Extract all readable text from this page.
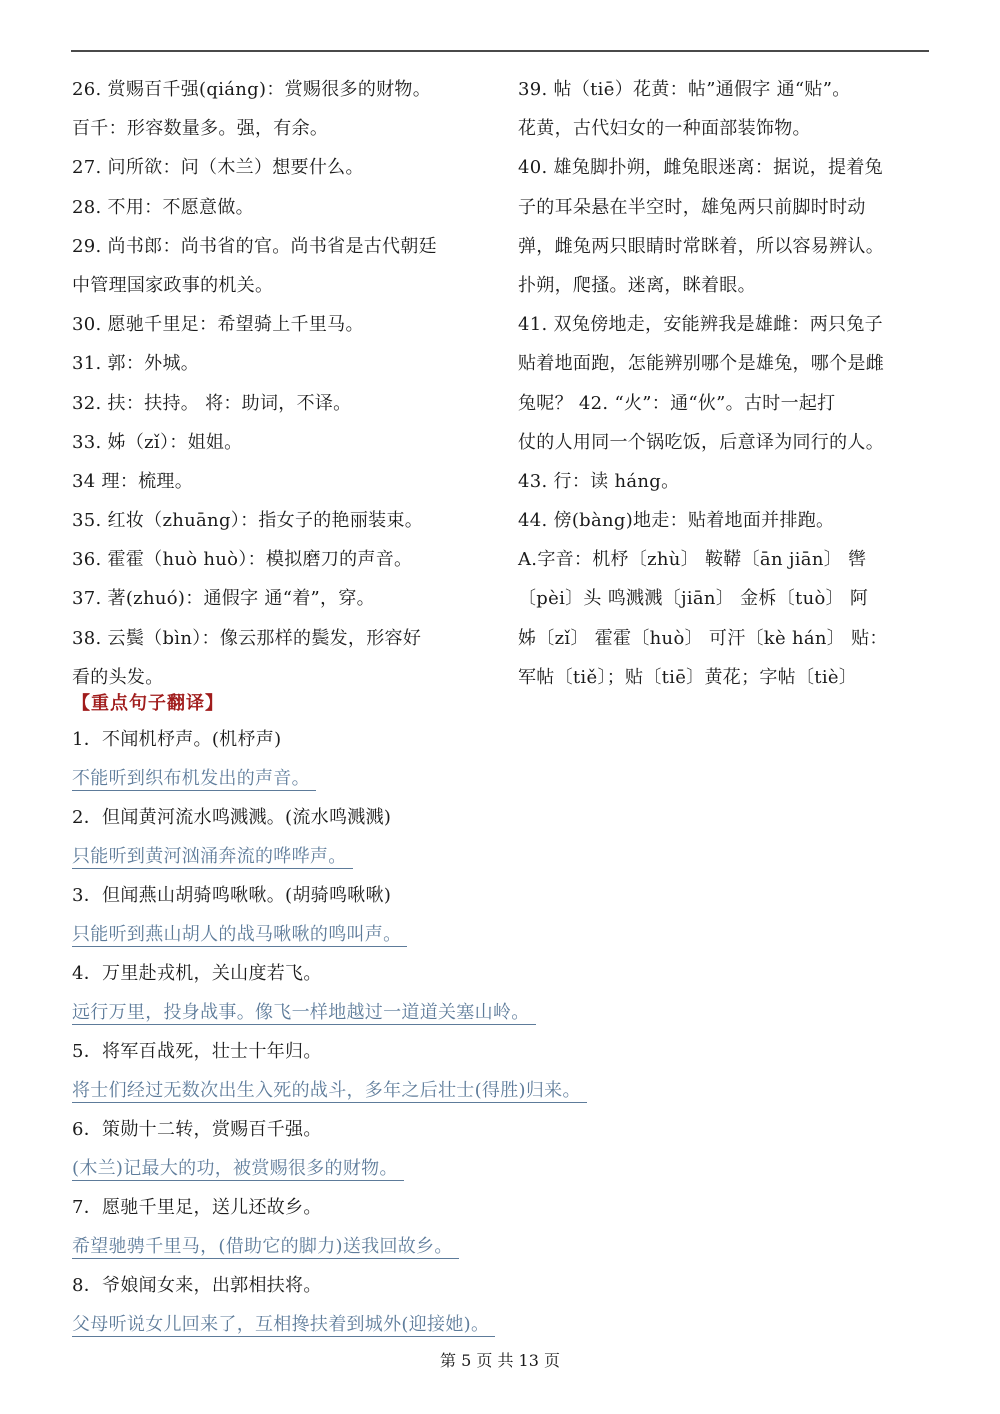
26. 赏赐百千强(qiáng)：赏赐很多的财物。
百千：形容数量多。强，有余。
27. 问所欲：问（木兰）想要什么。
28. 不用：不愿意做。
29. 尚书郎：尚书省的官。尚书省是古代朝廷
中管理国家政事的机关。
30. 愿驰千里足：希望骑上千里马。
31. 郭：外城。
32. 扶：扶持。 将：助词，不译。
33. 姊（zǐ）：姐姐。
34 理：梳理。
35. 红妆（zhuāng）：指女子的艳丽装束。
36. 霍霍（huò huò）：模拟磨刀的声音。
37. 著(zhuó)：通假字 通“着”，穿。
38. 云鬓（bìn）：像云那样的鬓发，形容好
看的头发。
39. 帖（tiē）花黄：帖”通假字 通“贴”。
花黄，古代妇女的一种面部装饰物。
40. 雄兔脚扑朔，雌兔眼迷离：据说，提着兔
子的耳朵悬在半空时，雄兔两只前脚时时动
弹，雌兔两只眼睛时常眯着，所以容易辨认。
扑朔，爬搔。迷离，眯着眼。
41. 双兔傍地走，安能辨我是雄雌：两只兔子
贴着地面跑，怎能辨别哪个是雄兔，哪个是雌
兔呢？ 42. “火”：通“伙”。古时一起打
仗的人用同一个锅吃饭，后意译为同行的人。
43. 行：读 háng。
44. 傍(bàng)地走：贴着地面并排跑。
A.字音：机杼〔zhù〕 鞍鞯〔ān jiān〕 辔
〔pèi〕头 鸣溅溅〔jiān〕 金柝〔tuò〕 阿
姊〔zǐ〕 霍霍〔huò〕 可汗〔kè hán〕 贴：
军帖〔tiě〕；贴〔tiē〕黄花；字帖〔tiè〕
【重点句子翻译】
1．不闻机杼声。(机杼声)
不能听到织布机发出的声音。
2．但闻黄河流水鸣溅溅。(流水鸣溅溅)
只能听到黄河汹涌奔流的哗哗声。
3．但闻燕山胡骑鸣啾啾。(胡骑鸣啾啾)
只能听到燕山胡人的战马啾啾的鸣叫声。
4．万里赴戎机，关山度若飞。
远行万里，投身战事。像飞一样地越过一道道关塞山岭。
5．将军百战死，壮士十年归。
将士们经过无数次出生入死的战斗，多年之后壮士(得胜)归来。
6．策勋十二转，赏赐百千强。
(木兰)记最大的功，被赏赐很多的财物。
7．愿驰千里足，送儿还故乡。
希望驰骋千里马，(借助它的脚力)送我回故乡。
8．爷娘闻女来，出郭相扶将。
父母听说女儿回来了，互相搀扶着到城外(迎接她)。
第 5 页 共 13 页
